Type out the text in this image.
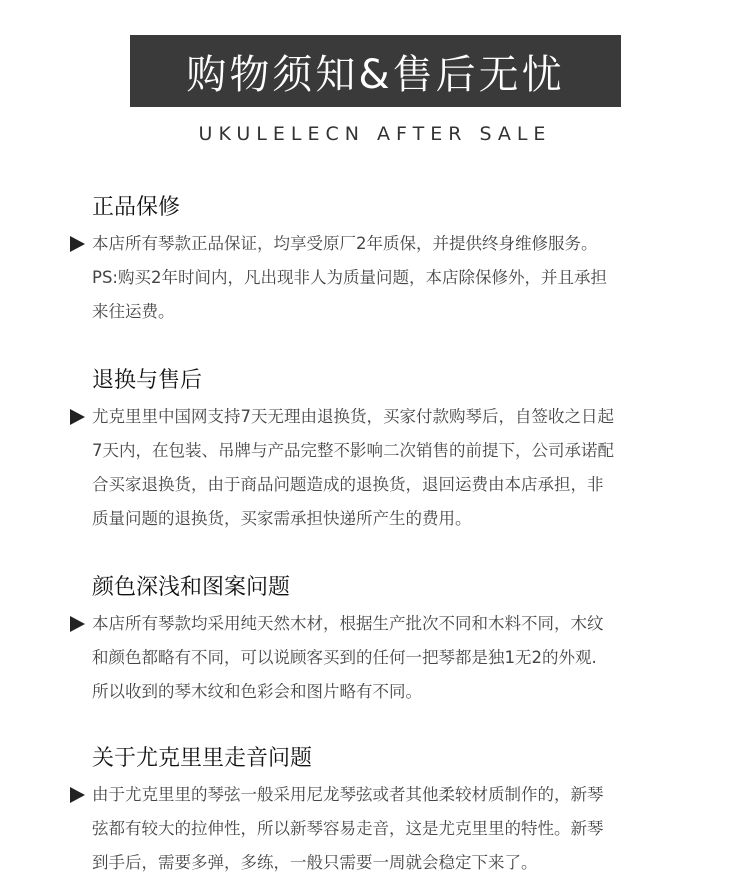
购物须知&售后无忧
UKULELECN AFTER SALE
正品保修
本店所有琴款正品保证，均享受原厂2年质保，并提供终身维修服务。
PS:购买2年时间内，凡出现非人为质量问题，本店除保修外，并且承担
来往运费。
退换与售后
尤克里里中国网支持7天无理由退换货，买家付款购琴后，自签收之日起
7天内，在包装、吊牌与产品完整不影响二次销售的前提下，公司承诺配
合买家退换货，由于商品问题造成的退换货，退回运费由本店承担，非
质量问题的退换货，买家需承担快递所产生的费用。
颜色深浅和图案问题
本店所有琴款均采用纯天然木材，根据生产批次不同和木料不同，木纹
和颜色都略有不同，可以说顾客买到的任何一把琴都是独1无2的外观.
所以收到的琴木纹和色彩会和图片略有不同。
关于尤克里里走音问题
由于尤克里里的琴弦一般采用尼龙琴弦或者其他柔较材质制作的，新琴
弦都有较大的拉伸性，所以新琴容易走音，这是尤克里里的特性。新琴
到手后，需要多弹，多练，一般只需要一周就会稳定下来了。
